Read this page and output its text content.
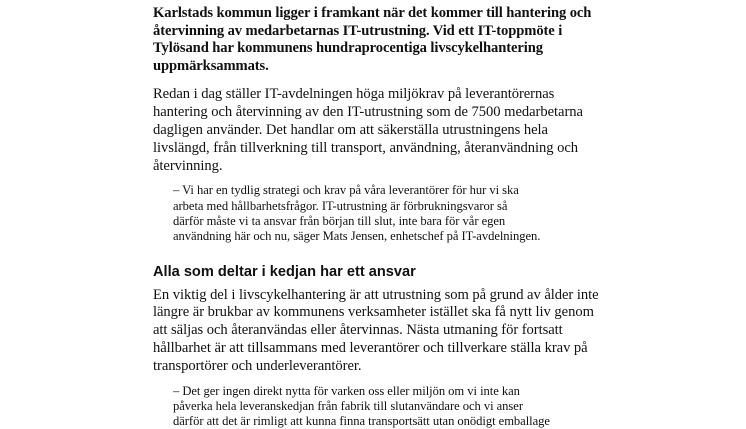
Karlstads kommun ligger i framkant när det kommer till hantering och
återvinning av medarbetarnas IT-utrustning. Vid ett IT-toppmöte i
Tylösand har kommunens hundraprocentiga livscykelhantering
uppmärksammats.

Redan i dag ställer IT-avdelningen höga miljökrav på leverantörernas
hantering och återvinning av den IT-utrustning som de 7500 medarbetarna
dagligen använder. Det handlar om att säkerställa utrustningens hela
livslängd, från tillverkning till transport, användning, återanvändning och
återvinning.

– Vi har en tydlig strategi och krav på våra leverantörer för hur vi ska
arbeta med hållbarhetsfrågor. IT-utrustning är förbrukningsvaror så
därför måste vi ta ansvar från början till slut, inte bara för vår egen
användning här och nu, säger Mats Jensen, enhetschef på IT-avdelningen.

Alla som deltar i kedjan har ett ansvar

En viktig del i livscykelhantering är att utrustning som på grund av ålder inte
längre är brukbar av kommunens verksamheter istället ska få nytt liv genom
att säljas och återanvändas eller återvinnas. Nästa utmaning för fortsatt
hållbarhet är att tillsammans med leverantörer och tillverkare ställa krav på
transportörer och underleverantörer.

– Det ger ingen direkt nytta för varken oss eller miljön om vi inte kan
påverka hela leveranskedjan från fabrik till slutanvändare och vi anser
därför att det är rimligt att kunna finna transportsätt utan onödigt emballage
